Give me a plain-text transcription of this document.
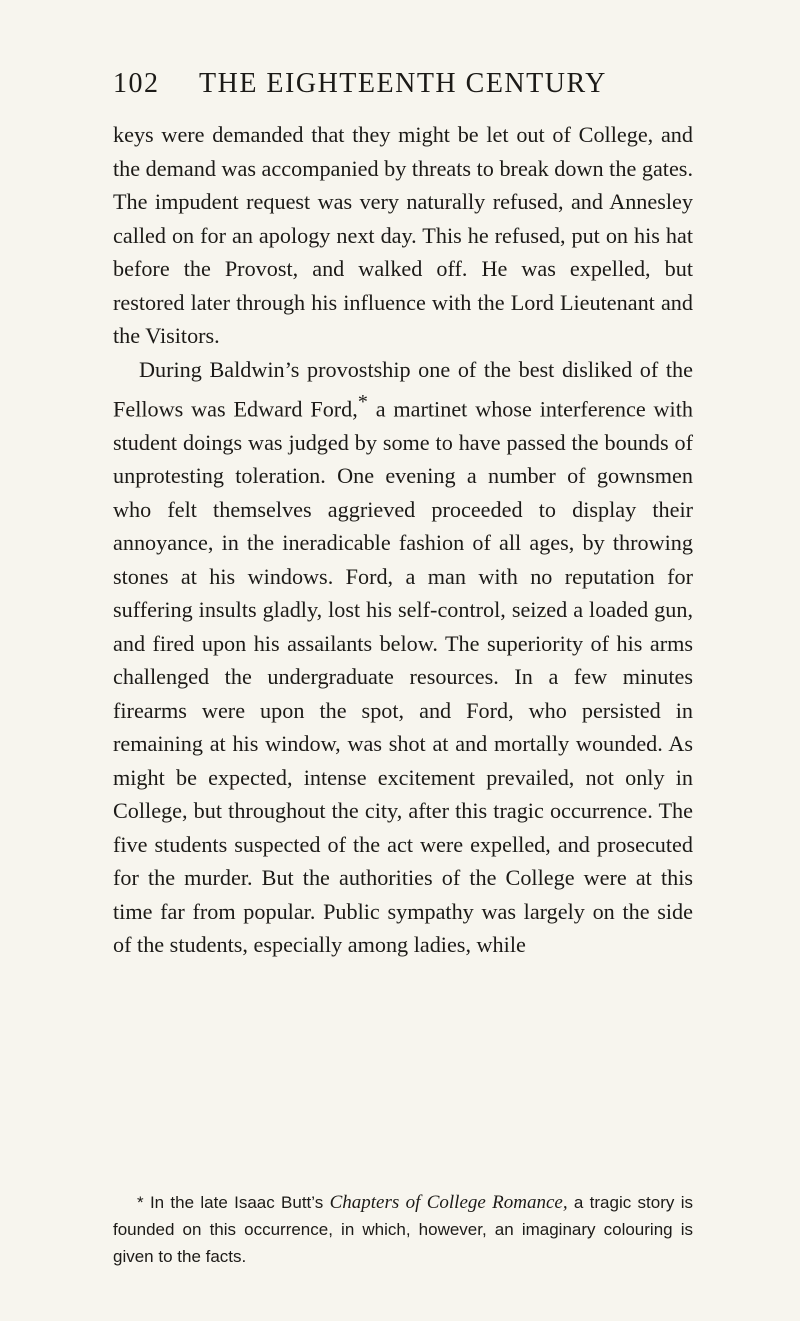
102 THE EIGHTEENTH CENTURY

keys were demanded that they might be let out of College, and the demand was accompanied by threats to break down the gates. The impudent request was very naturally refused, and Annesley called on for an apology next day. This he refused, put on his hat before the Provost, and walked off. He was expelled, but restored later through his influence with the Lord Lieutenant and the Visitors.

During Baldwin’s provostship one of the best disliked of the Fellows was Edward Ford,* a martinet whose interference with student doings was judged by some to have passed the bounds of unprotesting toleration. One evening a number of gownsmen who felt themselves aggrieved proceeded to display their annoyance, in the ineradicable fashion of all ages, by throwing stones at his windows. Ford, a man with no reputation for suffering insults gladly, lost his self-control, seized a loaded gun, and fired upon his assailants below. The superiority of his arms challenged the undergraduate resources. In a few minutes firearms were upon the spot, and Ford, who persisted in remaining at his window, was shot at and mortally wounded. As might be expected, intense excitement prevailed, not only in College, but throughout the city, after this tragic occurrence. The five students suspected of the act were expelled, and prosecuted for the murder. But the authorities of the College were at this time far from popular. Public sympathy was largely on the side of the students, especially among ladies, while

* In the late Isaac Butt’s Chapters of College Romance, a tragic story is founded on this occurrence, in which, however, an imaginary colouring is given to the facts.
